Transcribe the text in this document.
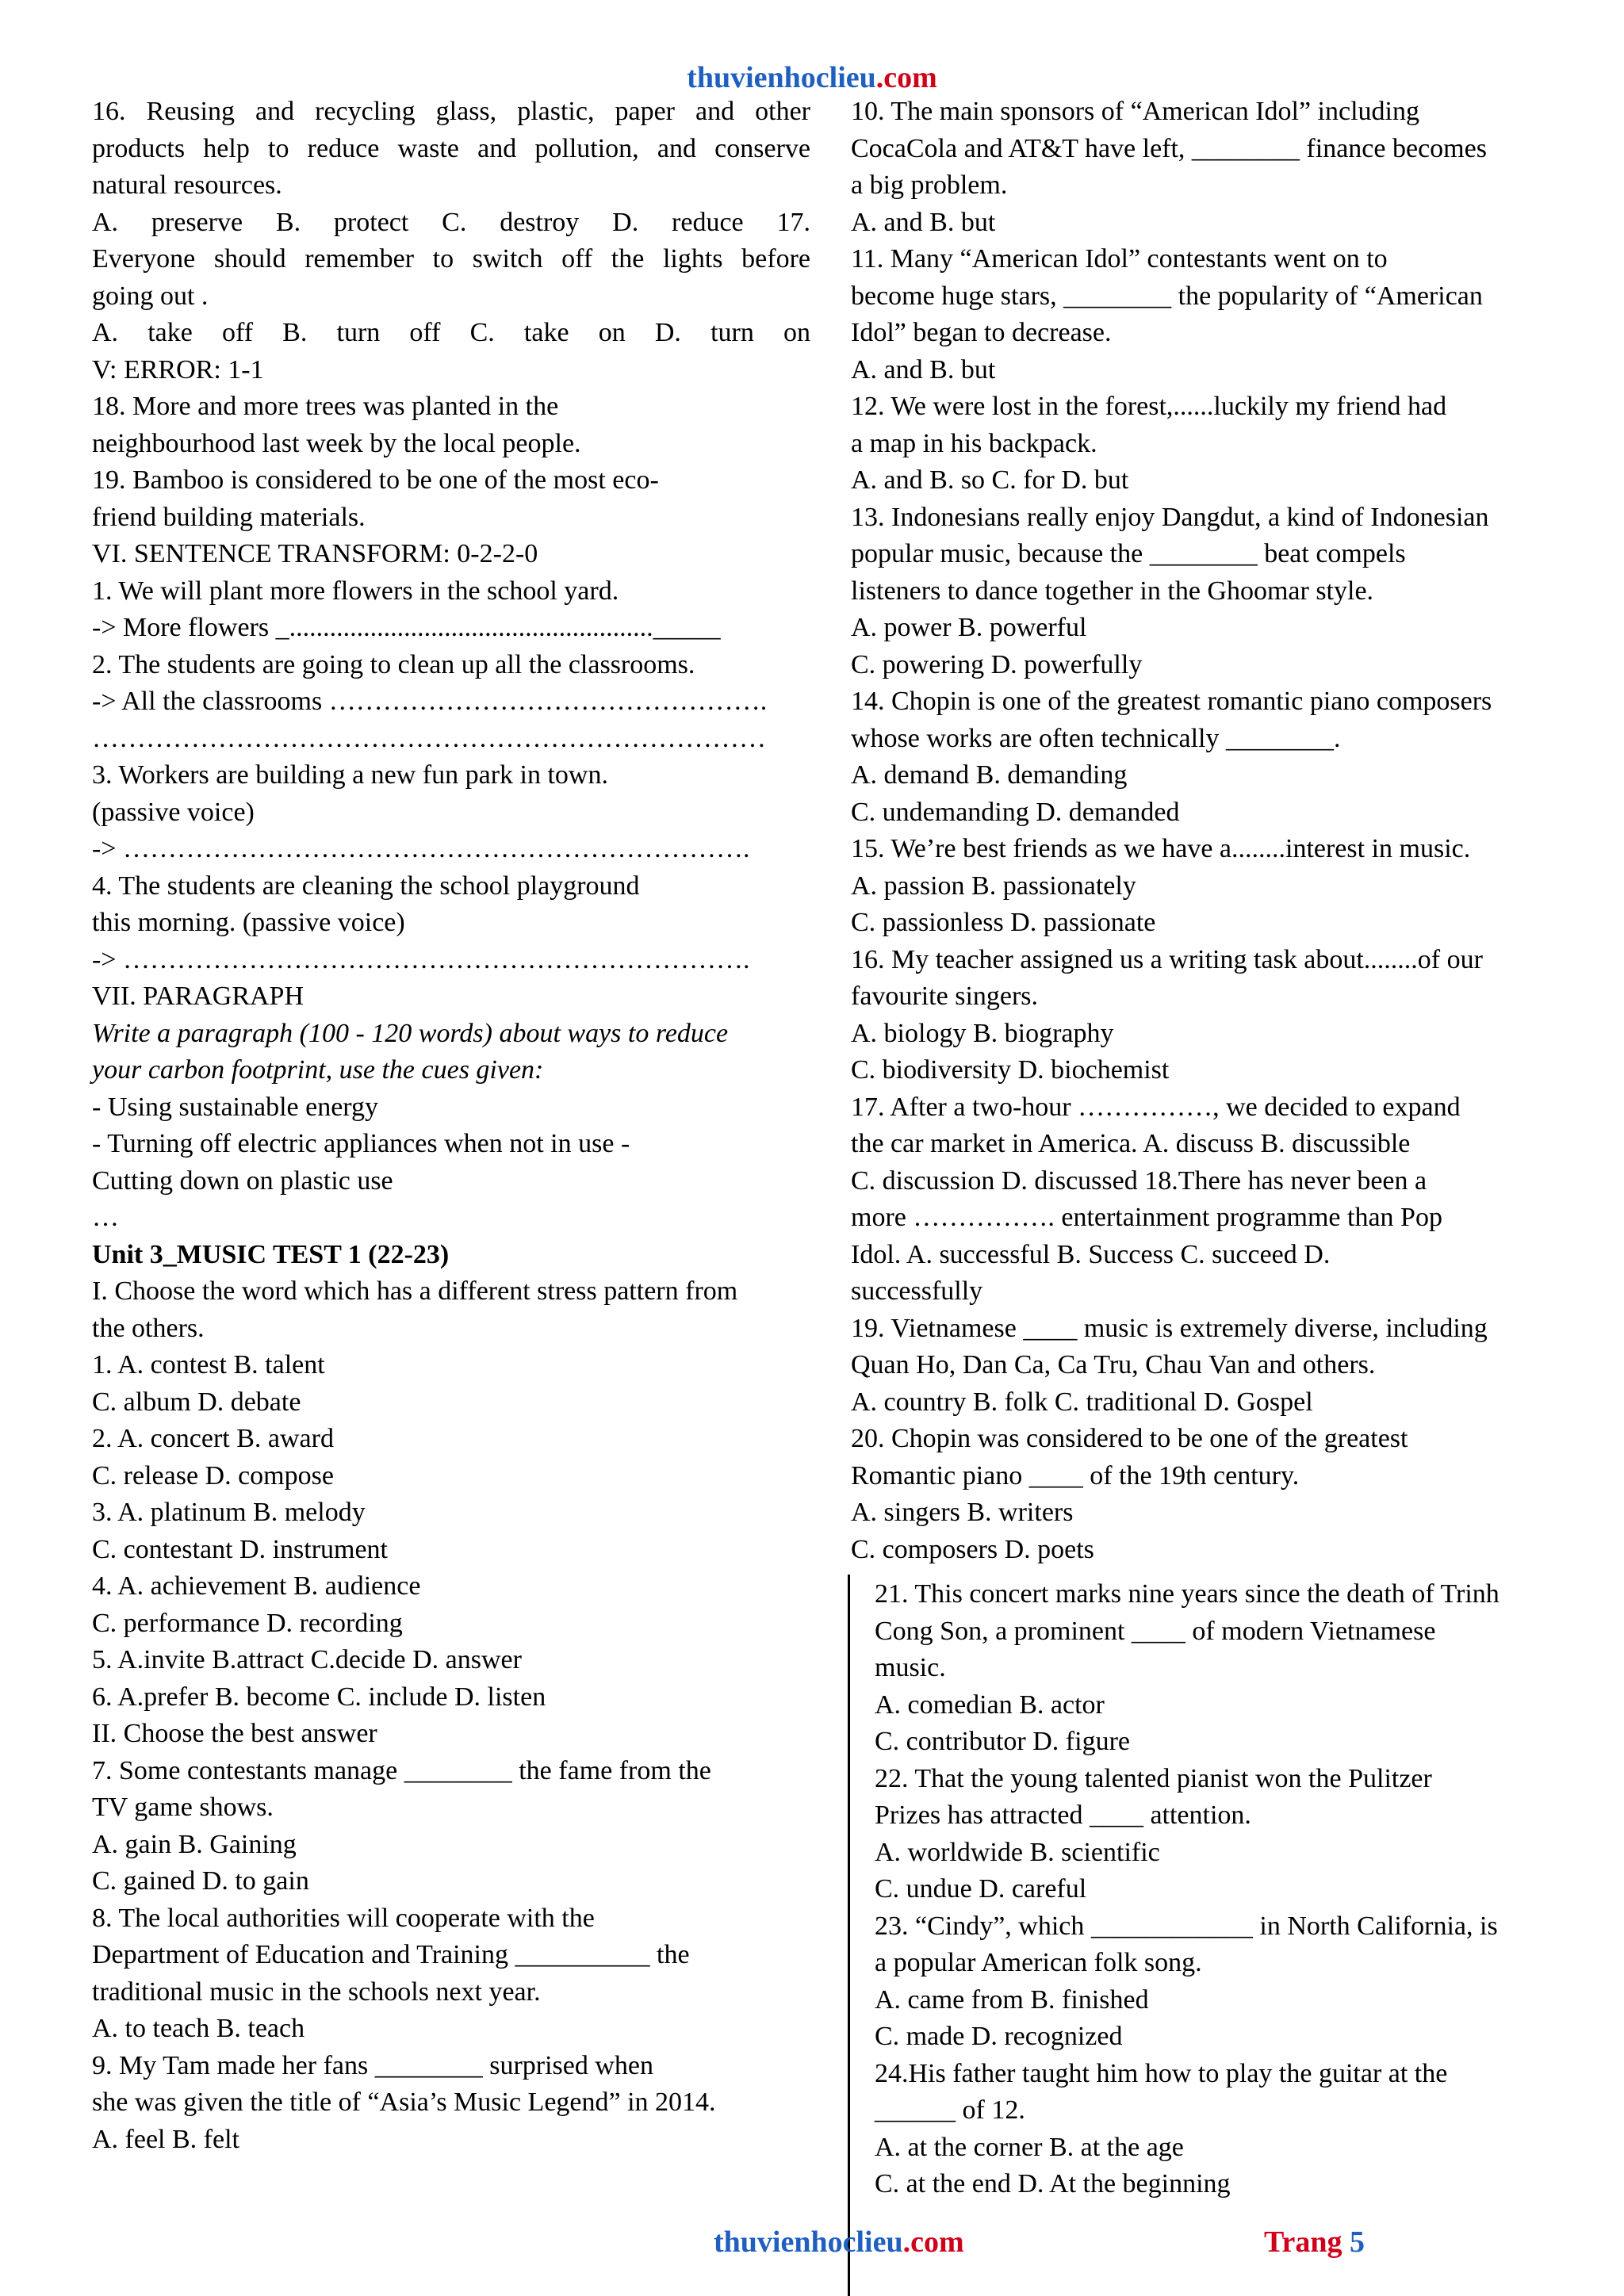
thuvienhoclieu.com
16. Reusing and recycling glass, plastic, paper and other
products help to reduce waste and pollution, and conserve
natural resources.
A. preserve B. protect C. destroy D. reduce 17.
Everyone should remember to switch off the lights before
going out .
A. take off B. turn off C. take on D. turn on
V: ERROR: 1-1
18. More and more trees was planted in the
neighbourhood last week by the local people.
19. Bamboo is considered to be one of the most eco-
friend building materials.
VI. SENTENCE TRANSFORM: 0-2-2-0
1. We will plant more flowers in the school yard.
-> More flowers _......................................................_____
2. The students are going to clean up all the classrooms.
-> All the classrooms ………………………………………….
…………………………………………………………………
3. Workers are building a new fun park in town.
(passive voice)
-> …………………………………………………………….
4. The students are cleaning the school playground
this morning. (passive voice)
-> …………………………………………………………….
VII. PARAGRAPH
Write a paragraph (100 - 120 words) about ways to reduce
your carbon footprint, use the cues given:
- Using sustainable energy
- Turning off electric appliances when not in use -
Cutting down on plastic use
…
Unit 3_MUSIC TEST 1 (22-23)
I. Choose the word which has a different stress pattern from
the others.
1. A. contest B. talent
C. album D. debate
2. A. concert B. award
C. release D. compose
3. A. platinum B. melody
C. contestant D. instrument
4. A. achievement B. audience
C. performance D. recording
5. A.invite B.attract C.decide D. answer
6. A.prefer B. become C. include D. listen
II. Choose the best answer
7. Some contestants manage ________ the fame from the
TV game shows.
A. gain B. Gaining
C. gained D. to gain
8. The local authorities will cooperate with the
Department of Education and Training __________ the
traditional music in the schools next year.
A. to teach B. teach
9. My Tam made her fans ________ surprised when
she was given the title of “Asia’s Music Legend” in 2014.
A. feel B. felt
10. The main sponsors of “American Idol” including
CocaCola and AT&T have left, ________ finance becomes
a big problem.
A. and B. but
11. Many “American Idol” contestants went on to
become huge stars, ________ the popularity of “American
Idol” began to decrease.
A. and B. but
12. We were lost in the forest,......luckily my friend had
a map in his backpack.
A. and B. so C. for D. but
13. Indonesians really enjoy Dangdut, a kind of Indonesian
popular music, because the ________ beat compels
listeners to dance together in the Ghoomar style.
A. power B. powerful
C. powering D. powerfully
14. Chopin is one of the greatest romantic piano composers
whose works are often technically ________.
A. demand B. demanding
C. undemanding D. demanded
15. We’re best friends as we have a........interest in music.
A. passion B. passionately
C. passionless D. passionate
16. My teacher assigned us a writing task about........of our
favourite singers.
A. biology B. biography
C. biodiversity D. biochemist
17. After a two-hour ……………, we decided to expand
the car market in America. A. discuss B. discussible
C. discussion D. discussed 18.There has never been a
more ……………. entertainment programme than Pop
Idol. A. successful B. Success C. succeed D.
successfully
19. Vietnamese ____ music is extremely diverse, including
Quan Ho, Dan Ca, Ca Tru, Chau Van and others.
A. country B. folk C. traditional D. Gospel
20. Chopin was considered to be one of the greatest
Romantic piano ____ of the 19th century.
A. singers B. writers
C. composers D. poets
21. This concert marks nine years since the death of Trinh
Cong Son, a prominent ____ of modern Vietnamese
music.
A. comedian B. actor
C. contributor D. figure
22. That the young talented pianist won the Pulitzer
Prizes has attracted ____ attention.
A. worldwide B. scientific
C. undue D. careful
23. “Cindy”, which ____________ in North California, is
a popular American folk song.
A. came from B. finished
C. made D. recognized
24.His father taught him how to play the guitar at the
______ of 12.
A. at the corner B. at the age
C. at the end D. At the beginning
thuvienhoclieu.com	Trang 5
